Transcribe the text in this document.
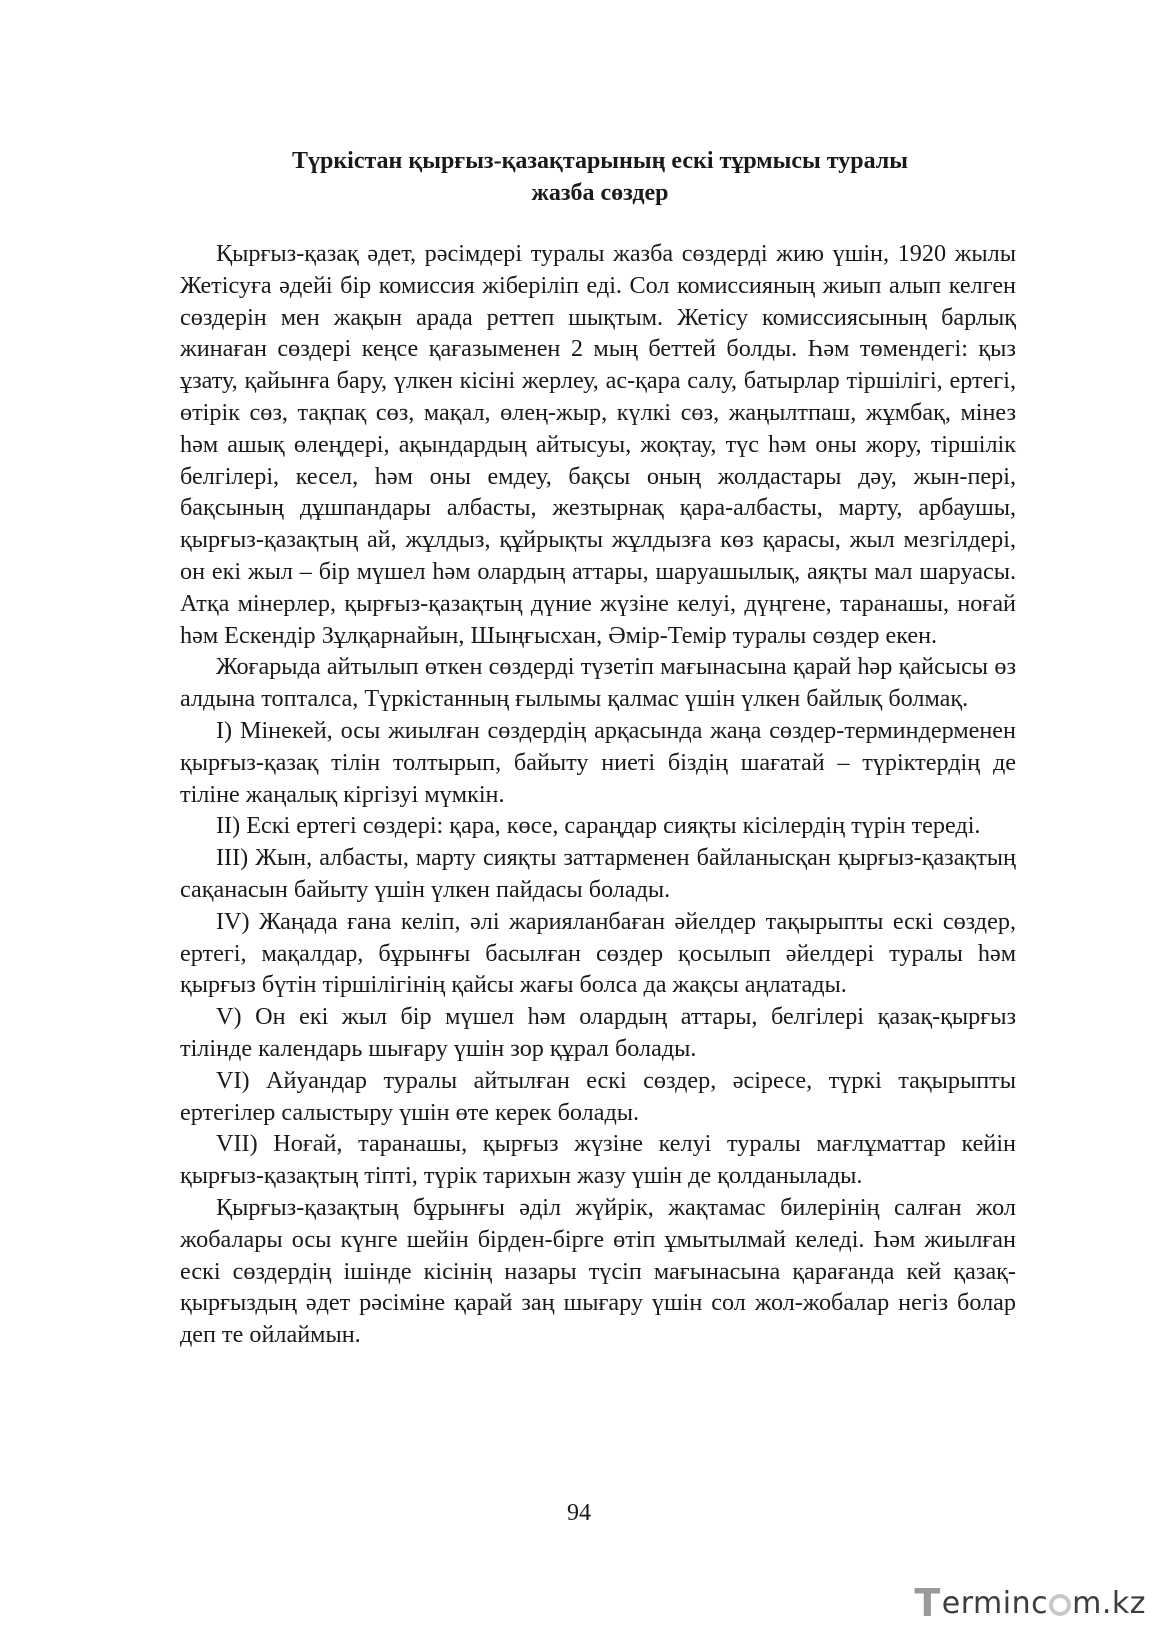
Түркістан қырғыз-қазақтарының ескі тұрмысы туралы
жазба сөздер

Қырғыз-қазақ әдет, рәсімдері туралы жазба сөздерді жию үшін, 1920 жылы Жетісуға әдейі бір комиссия жіберіліп еді. Сол комиссияның жиып алып келген сөздерін мен жақын арада реттеп шықтым. Жетісу комиссиясының барлық жинаған сөздері кеңсе қағазыменен 2 мың беттей болды. Һәм төмендегі: қыз ұзату, қайынға бару, үлкен кісіні жерлеу, ас-қара салу, батырлар тіршілігі, ертегі, өтірік сөз, тақпақ сөз, мақал, өлең-жыр, күлкі сөз, жаңылтпаш, жұмбақ, мінез һәм ашық өлеңдері, ақындардың айтысуы, жоқтау, түс һәм оны жору, тіршілік белгілері, кесел, һәм оны емдеу, бақсы оның жолдастары дәу, жын-пері, бақсының дұшпандары албасты, жезтырнақ қара-албасты, марту, арбаушы, қырғыз-қазақтың ай, жұлдыз, құйрықты жұлдызға көз қарасы, жыл мезгілдері, он екі жыл – бір мүшел һәм олардың аттары, шаруашылық, аяқты мал шаруасы. Атқа мінерлер, қырғыз-қазақтың дүние жүзіне келуі, дүңгене, таранашы, ноғай һәм Ескендір Зұлқарнайын, Шыңғысхан, Әмір-Темір туралы сөздер екен.

Жоғарыда айтылып өткен сөздерді түзетіп мағынасына қарай һәр қайсысы өз алдына топталса, Түркістанның ғылымы қалмас үшін үлкен байлық болмақ.

I) Мінекей, осы жиылған сөздердің арқасында жаңа сөздер-терминдерменен қырғыз-қазақ тілін толтырып, байыту ниеті біздің шағатай – түріктердің де тіліне жаңалық кіргізуі мүмкін.

II) Ескі ертегі сөздері: қара, көсе, сараңдар сияқты кісілердің түрін тереді.

III) Жын, албасты, марту сияқты заттарменен байланысқан қырғыз-қазақтың сақанасын байыту үшін үлкен пайдасы болады.

IV) Жаңада ғана келіп, әлі жарияланбаған әйелдер тақырыпты ескі сөздер, ертегі, мақалдар, бұрынғы басылған сөздер қосылып әйелдері туралы һәм қырғыз бүтін тіршілігінің қайсы жағы болса да жақсы аңлатады.

V) Он екі жыл бір мүшел һәм олардың аттары, белгілері қазақ-қырғыз тілінде календарь шығару үшін зор құрал болады.

VI) Айуандар туралы айтылған ескі сөздер, әсіресе, түркі тақырыпты ертегілер салыстыру үшін өте керек болады.

VII) Ноғай, таранашы, қырғыз жүзіне келуі туралы мағлұматтар кейін қырғыз-қазақтың тіпті, түрік тарихын жазу үшін де қолданылады.

Қырғыз-қазақтың бұрынғы әділ жүйрік, жақтамас билерінің салған жол жобалары осы күнге шейін бірден-бірге өтіп ұмытылмай келеді. Һәм жиылған ескі сөздердің ішінде кісінің назары түсіп мағынасына қарағанда кей қазақ-қырғыздың әдет рәсіміне қарай заң шығару үшін сол жол-жобалар негіз болар деп те ойлаймын.

94
T erminc m.kz
